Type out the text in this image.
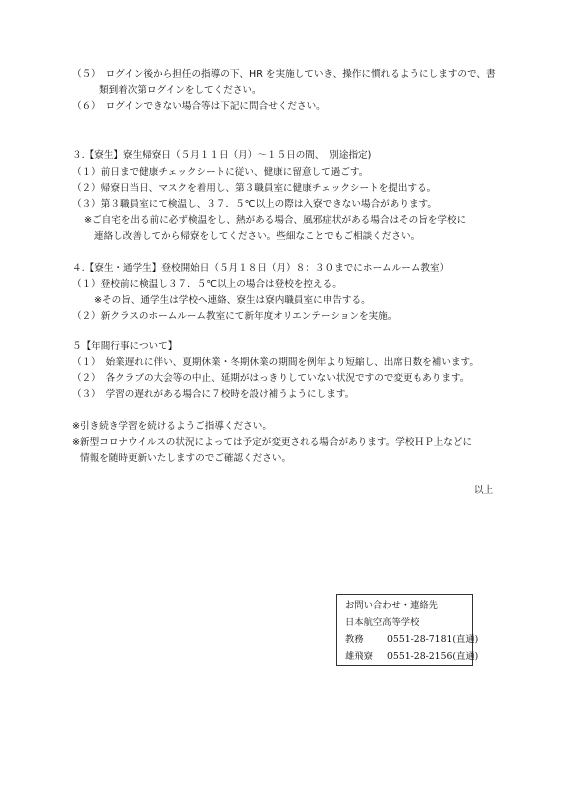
（５）　ログイン後から担任の指導の下、HR を実施していき、操作に慣れるようにしますので、書
類到着次第ログインをしてください。
（６）　ログインできない場合等は下記に問合せください。
３.【寮生】寮生帰寮日（５月１１日（月）～１５日の間、　別途指定)
（１）前日まで健康チェックシートに従い、健康に留意して過ごす。
（２）帰寮日当日、マスクを着用し、第３職員室に健康チェックシートを提出する。
（３）第３職員室にて検温し、３７．５℃以上の際は入寮できない場合があります。
※ご自宅を出る前に必ず検温をし、熱がある場合、風邪症状がある場合はその旨を学校に
連絡し改善してから帰寮をしてください。些細なことでもご相談ください。
４.【寮生・通学生】登校開始日（５月１８日（月）８：３０までにホームルーム教室）
（１）登校前に検温し３７．５℃以上の場合は登校を控える。
※その旨、通学生は学校へ連絡、寮生は寮内職員室に申告する。
（２）新クラスのホームルーム教室にて新年度オリエンテーションを実施。
５【年間行事について】
（１）　始業遅れに伴い、夏期休業・冬期休業の期間を例年より短縮し、出席日数を補います。
（２）　各クラブの大会等の中止、延期がはっきりしていない状況ですので変更もあります。
（３）　学習の遅れがある場合に７校時を設け補うようにします。
※引き続き学習を続けるようご指導ください。
※新型コロナウイルスの状況によっては予定が変更される場合があります。学校ＨＰ上などに
情報を随時更新いたしますのでご確認ください。
以上
お問い合わせ・連絡先
日本航空高等学校
教務	0551-28-7181(直通)
雄飛寮 0551-28-2156(直通)
